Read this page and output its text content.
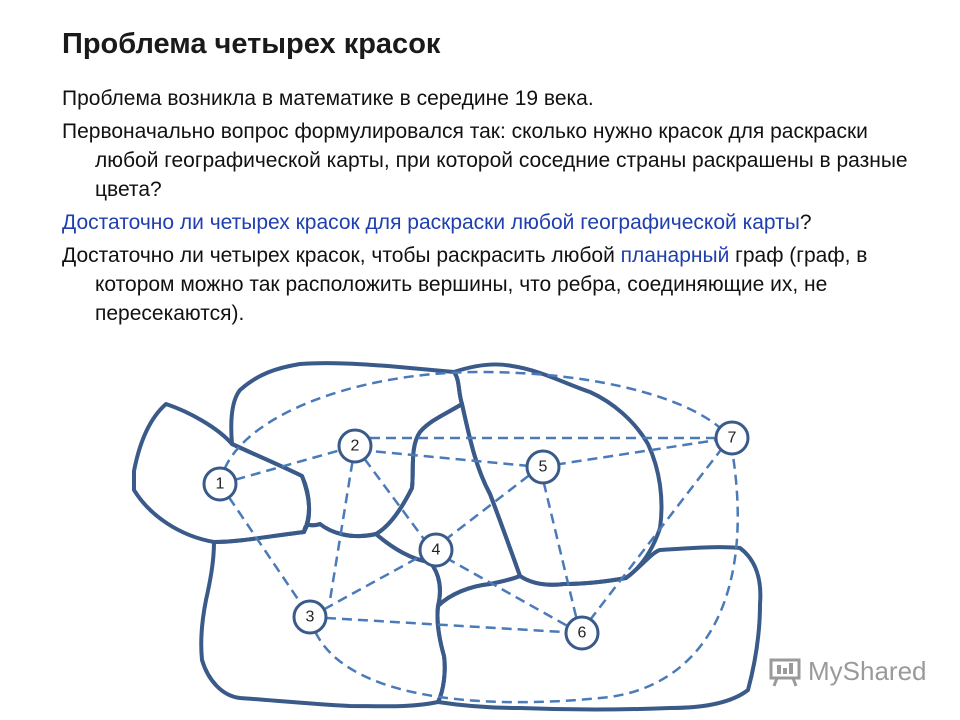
Проблема четырех красок

Проблема возникла в математике в середине 19 века.

Первоначально вопрос формулировался так: сколько нужно красок для раскраски любой географической карты, при которой соседние страны раскрашены в разные цвета?

Достаточно ли четырех красок для раскраски любой географической карты?

Достаточно ли четырех красок, чтобы раскрасить любой планарный граф (граф, в котором можно так расположить вершины, что ребра, соединяющие их, не пересекаются).

1
2
3
4
5
6
7
MyShared
